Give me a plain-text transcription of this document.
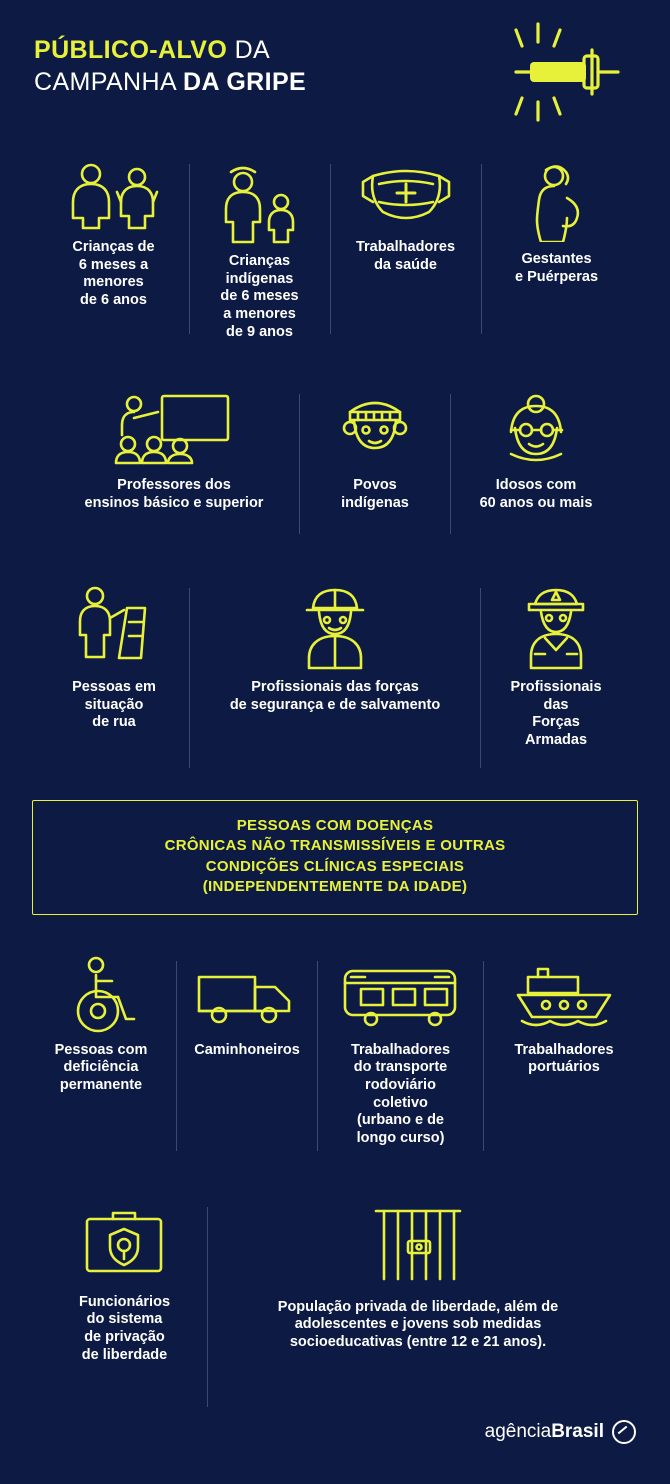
PÚBLICO-ALVO DA
CAMPANHA DA GRIPE
Crianças de
6 meses a
menores
de 6 anos
Crianças
indígenas
de 6 meses
a menores
de 9 anos
Trabalhadores
da saúde	Gestantes
e Puérperas
Professores dos
ensinos básico e superior
Povos
indígenas
Idosos com
60 anos ou mais
Pessoas em
situação
de rua
Profissionais das forças
de segurança e de salvamento
Profissionais
das
Forças
Armadas
PESSOAS COM DOENÇAS
CRÔNICAS NÃO TRANSMISSÍVEIS E OUTRAS
CONDIÇÕES CLÍNICAS ESPECIAIS
(INDEPENDENTEMENTE DA IDADE)
Pessoas com
deficiência
permanente
Caminhoneiros	Trabalhadores
do transporte
rodoviário
coletivo
(urbano e de
longo curso)
Trabalhadores
portuários
Funcionários
do sistema
de privação
de liberdade
População privada de liberdade, além de
adolescentes e jovens sob medidas
socioeducativas (entre 12 e 21 anos).
agênciaBrasil
